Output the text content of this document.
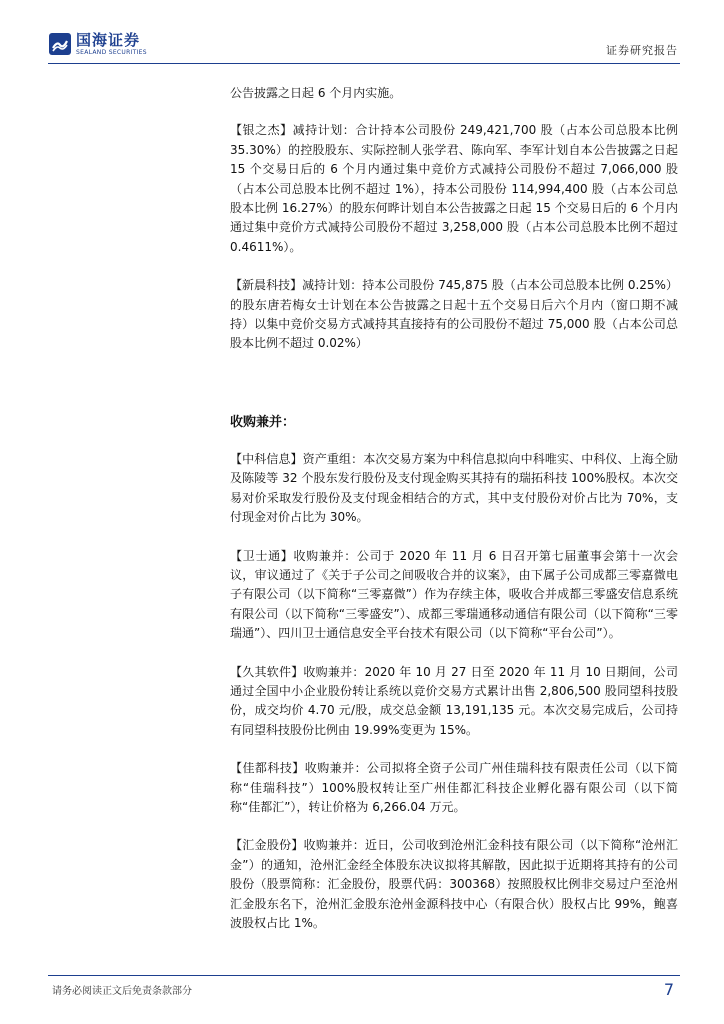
国海证券
SEALAND SECURITIES	证券研究报告

公告披露之日起 6 个月内实施。

【银之杰】减持计划：合计持本公司股份 249,421,700 股（占本公司总股本比例 35.30%）的控股股东、实际控制人张学君、陈向军、李军计划自本公告披露之日起 15 个交易日后的 6 个月内通过集中竞价方式减持公司股份不超过 7,066,000 股（占本公司总股本比例不超过 1%），持本公司股份 114,994,400 股（占本公司总股本比例 16.27%）的股东何晔计划自本公告披露之日起 15 个交易日后的 6 个月内通过集中竞价方式减持公司股份不超过 3,258,000 股（占本公司总股本比例不超过 0.4611%）。

【新晨科技】减持计划：持本公司股份 745,875 股（占本公司总股本比例 0.25%）的股东唐若梅女士计划在本公告披露之日起十五个交易日后六个月内（窗口期不减持）以集中竞价交易方式减持其直接持有的公司股份不超过 75,000 股（占本公司总股本比例不超过 0.02%）

收购兼并：

【中科信息】资产重组：本次交易方案为中科信息拟向中科唯实、中科仪、上海仝励及陈陵等 32 个股东发行股份及支付现金购买其持有的瑞拓科技 100%股权。本次交易对价采取发行股份及支付现金相结合的方式，其中支付股份对价占比为 70%，支付现金对价占比为 30%。

【卫士通】收购兼并：公司于 2020 年 11 月 6 日召开第七届董事会第十一次会议，审议通过了《关于子公司之间吸收合并的议案》，由下属子公司成都三零嘉微电子有限公司（以下简称“三零嘉微”）作为存续主体，吸收合并成都三零盛安信息系统有限公司（以下简称“三零盛安”）、成都三零瑞通移动通信有限公司（以下简称“三零瑞通”）、四川卫士通信息安全平台技术有限公司（以下简称“平台公司”）。

【久其软件】收购兼并：2020 年 10 月 27 日至 2020 年 11 月 10 日期间，公司通过全国中小企业股份转让系统以竞价交易方式累计出售 2,806,500 股同望科技股份，成交均价 4.70 元/股，成交总金额 13,191,135 元。本次交易完成后，公司持有同望科技股份比例由 19.99%变更为 15%。

【佳都科技】收购兼并：公司拟将全资子公司广州佳瑞科技有限责任公司（以下简称“佳瑞科技”）100%股权转让至广州佳都汇科技企业孵化器有限公司（以下简称“佳都汇”），转让价格为 6,266.04 万元。

【汇金股份】收购兼并：近日，公司收到沧州汇金科技有限公司（以下简称“沧州汇金”）的通知，沧州汇金经全体股东决议拟将其解散，因此拟于近期将其持有的公司股份（股票简称：汇金股份，股票代码：300368）按照股权比例非交易过户至沧州汇金股东名下，沧州汇金股东沧州金源科技中心（有限合伙）股权占比 99%，鲍喜波股权占比 1%。

请务必阅读正文后免责条款部分	7
